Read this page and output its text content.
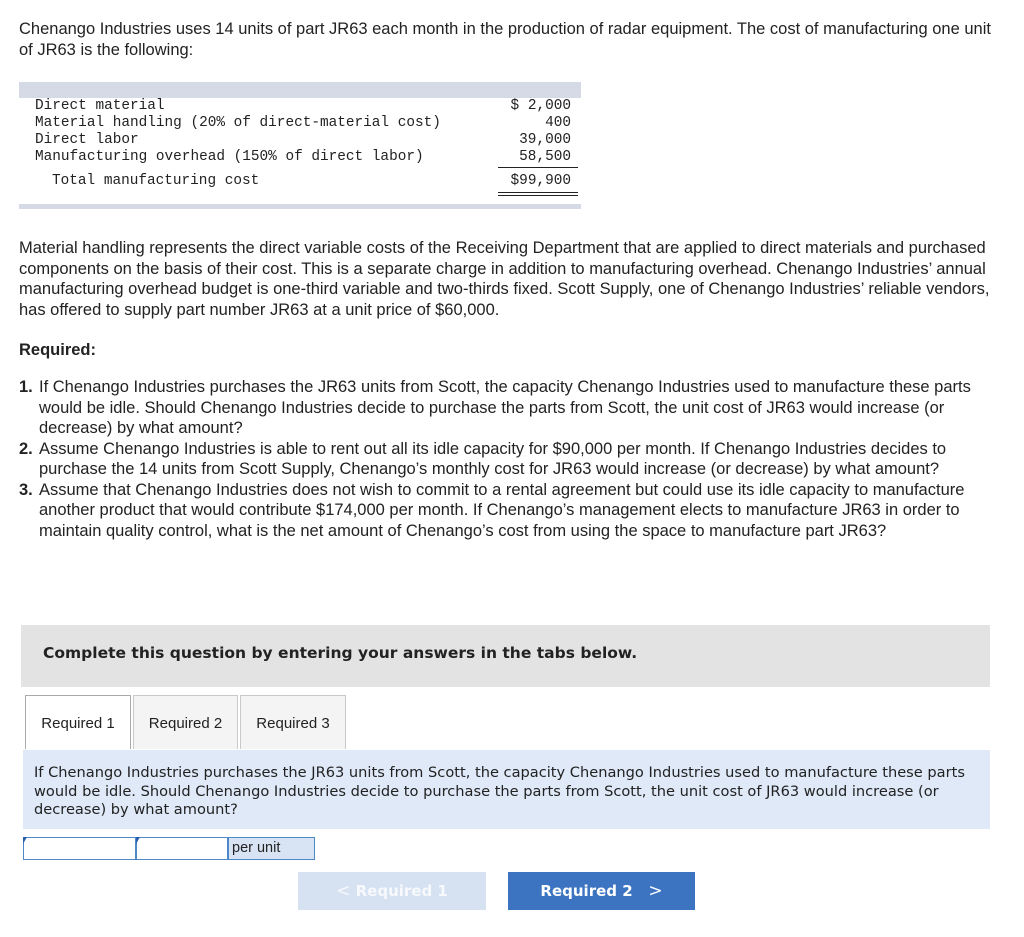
Chenango Industries uses 14 units of part JR63 each month in the production of radar equipment. The cost of manufacturing one unit of JR63 is the following:

Direct material	$ 2,000
Material handling (20% of direct-material cost)	400
Direct labor	39,000
Manufacturing overhead (150% of direct labor)	58,500
Total manufacturing cost	$99,900

Material handling represents the direct variable costs of the Receiving Department that are applied to direct materials and purchased components on the basis of their cost. This is a separate charge in addition to manufacturing overhead. Chenango Industries’ annual manufacturing overhead budget is one-third variable and two-thirds fixed. Scott Supply, one of Chenango Industries’ reliable vendors, has offered to supply part number JR63 at a unit price of $60,000.

Required:

1. If Chenango Industries purchases the JR63 units from Scott, the capacity Chenango Industries used to manufacture these parts would be idle. Should Chenango Industries decide to purchase the parts from Scott, the unit cost of JR63 would increase (or decrease) by what amount?
2. Assume Chenango Industries is able to rent out all its idle capacity for $90,000 per month. If Chenango Industries decides to purchase the 14 units from Scott Supply, Chenango’s monthly cost for JR63 would increase (or decrease) by what amount?
3. Assume that Chenango Industries does not wish to commit to a rental agreement but could use its idle capacity to manufacture another product that would contribute $174,000 per month. If Chenango’s management elects to manufacture JR63 in order to maintain quality control, what is the net amount of Chenango’s cost from using the space to manufacture part JR63?
Complete this question by entering your answers in the tabs below.
Required 1	Required 2	Required 3

If Chenango Industries purchases the JR63 units from Scott, the capacity Chenango Industries used to manufacture these parts would be idle. Should Chenango Industries decide to purchase the parts from Scott, the unit cost of JR63 would increase (or decrease) by what amount?

per unit
< Required 1	Required 2 >
